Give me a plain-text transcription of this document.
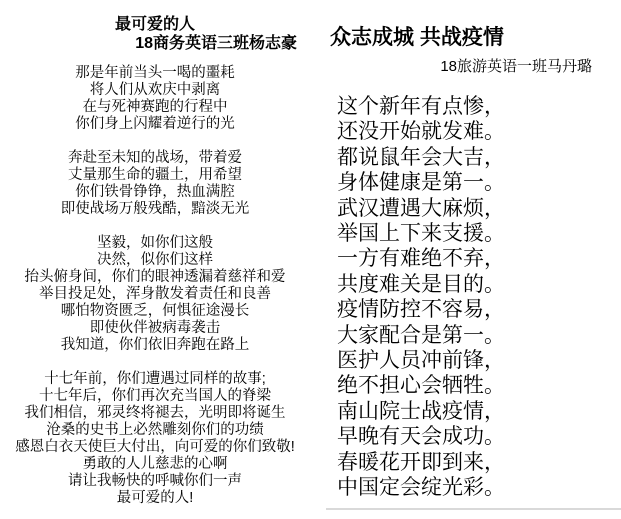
最可爱的人
18商务英语三班杨志豪
那是年前当头一喝的噩耗
将人们从欢庆中剥离
在与死神赛跑的行程中
你们身上闪耀着逆行的光
奔赴至未知的战场，带着爱
丈量那生命的疆土，用希望
你们铁骨铮铮，热血满腔
即使战场万般残酷，黯淡无光
坚毅，如你们这般
决然，似你们这样
抬头俯身间，你们的眼神透漏着慈祥和爱
举目投足处，浑身散发着责任和良善
哪怕物资匮乏，何惧征途漫长
即使伙伴被病毒袭击
我知道，你们依旧奔跑在路上
十七年前，你们遭遇过同样的故事;
十七年后，你们再次充当国人的脊梁
我们相信，邪灵终将褪去，光明即将诞生
沧桑的史书上必然雕刻你们的功绩
感恩白衣天使巨大付出，向可爱的你们致敬!
勇敢的人儿慈悲的心啊
请让我畅快的呼喊你们一声
最可爱的人!
众志成城 共战疫情
18旅游英语一班马丹璐
这个新年有点惨，
还没开始就发难。
都说鼠年会大吉，
身体健康是第一。
武汉遭遇大麻烦，
举国上下来支援。
一方有难绝不弃，
共度难关是目的。
疫情防控不容易，
大家配合是第一。
医护人员冲前锋，
绝不担心会牺牲。
南山院士战疫情，
早晚有天会成功。
春暖花开即到来，
中国定会绽光彩。
